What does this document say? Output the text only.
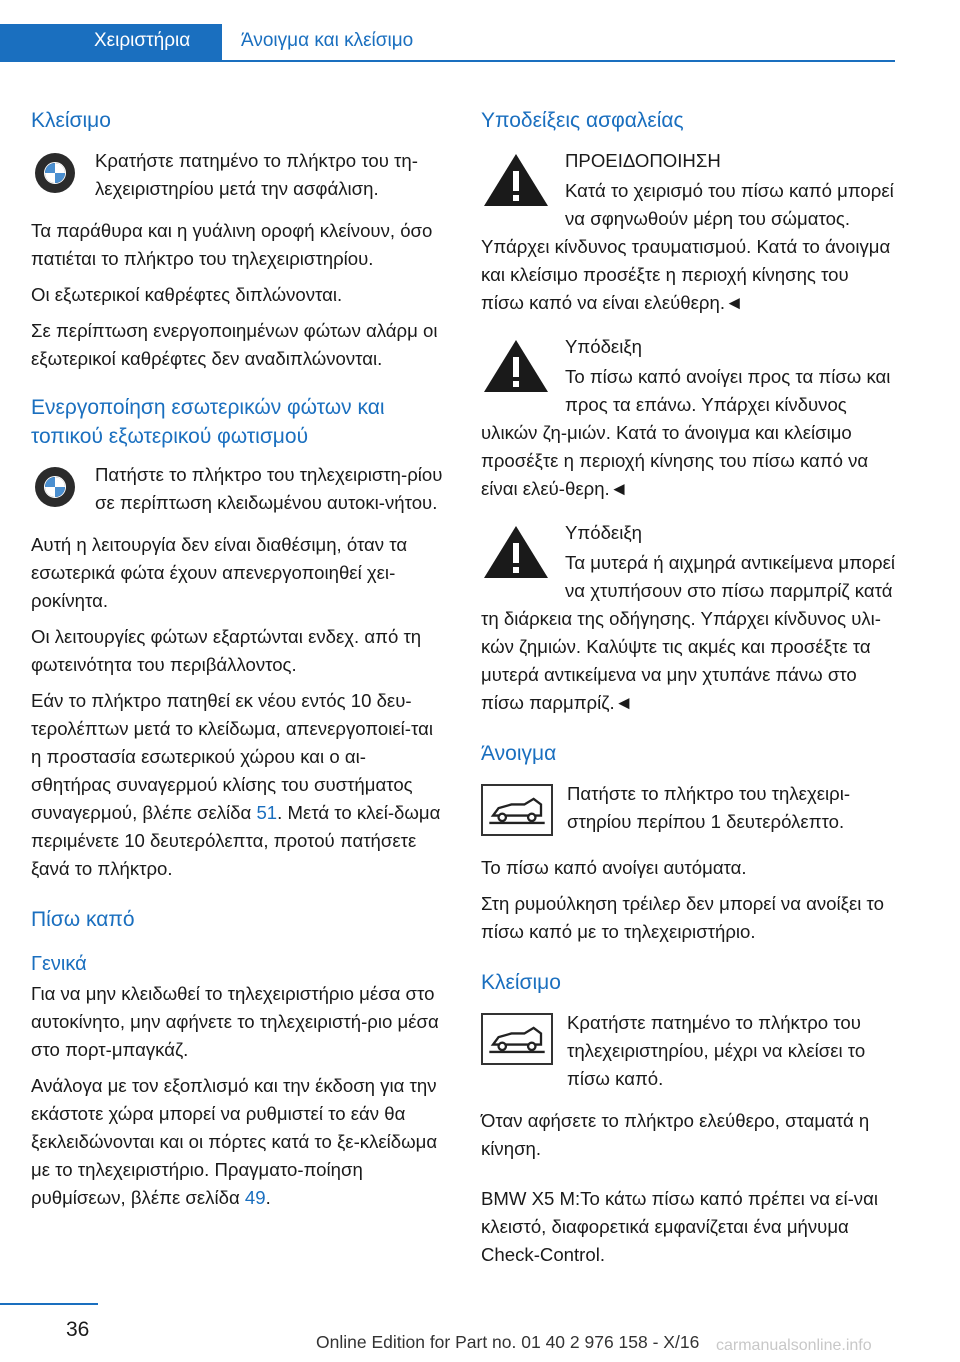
Χειριστήρια	Άνοιγμα και κλείσιμο
Κλείσιμο

Κρατήστε πατημένο το πλήκτρο του τη‐λεχειριστηρίου μετά την ασφάλιση.

Τα παράθυρα και η γυάλινη οροφή κλείνουν, όσο πατιέται το πλήκτρο του τηλεχειριστηρίου.

Οι εξωτερικοί καθρέφτες διπλώνονται.

Σε περίπτωση ενεργοποιημένων φώτων αλάρμ οι εξωτερικοί καθρέφτες δεν αναδιπλώνονται.

Ενεργοποίηση εσωτερικών φώτων και τοπικού εξωτερικού φωτισμού

Πατήστε το πλήκτρο του τηλεχειριστη‐ρίου σε περίπτωση κλειδωμένου αυτοκι‐νήτου.

Αυτή η λειτουργία δεν είναι διαθέσιμη, όταν τα εσωτερικά φώτα έχουν απενεργοποιηθεί χει‐ροκίνητα.

Οι λειτουργίες φώτων εξαρτώνται ενδεχ. από τη φωτεινότητα του περιβάλλοντος.

Εάν το πλήκτρο πατηθεί εκ νέου εντός 10 δευ‐τερολέπτων μετά το κλείδωμα, απενεργοποιεί‐ται η προστασία εσωτερικού χώρου και ο αι‐σθητήρας συναγερμού κλίσης του συστήματος συναγερμού, βλέπε σελίδα 51. Μετά το κλεί‐δωμα περιμένετε 10 δευτερόλεπτα, προτού πατήσετε ξανά το πλήκτρο.

Πίσω καπό
Γενικά

Για να μην κλειδωθεί το τηλεχειριστήριο μέσα στο αυτοκίνητο, μην αφήνετε το τηλεχειριστή‐ριο μέσα στο πορτ-μπαγκάζ.

Ανάλογα με τον εξοπλισμό και την έκδοση για την εκάστοτε χώρα μπορεί να ρυθμιστεί το εάν θα ξεκλειδώνονται και οι πόρτες κατά το ξε‐κλείδωμα με το τηλεχειριστήριο. Πραγματο‐ποίηση ρυθμίσεων, βλέπε σελίδα 49.

Υποδείξεις ασφαλείας

ΠΡΟΕΙΔΟΠΟΙΗΣΗ

Κατά το χειρισμό του πίσω καπό μπορεί να σφηνωθούν μέρη του σώματος. Υπάρχει κίνδυνος τραυματισμού. Κατά το άνοιγμα και κλείσιμο προσέξτε η περιοχή κίνησης του πίσω καπό να είναι ελεύθερη.◄

Υπόδειξη

Το πίσω καπό ανοίγει προς τα πίσω και προς τα επάνω. Υπάρχει κίνδυνος υλικών ζη‐μιών. Κατά το άνοιγμα και κλείσιμο προσέξτε η περιοχή κίνησης του πίσω καπό να είναι ελεύ‐θερη.◄

Υπόδειξη

Τα μυτερά ή αιχμηρά αντικείμενα μπορεί να χτυπήσουν στο πίσω παρμπρίζ κατά τη διάρκεια της οδήγησης. Υπάρχει κίνδυνος υλι‐κών ζημιών. Καλύψτε τις ακμές και προσέξτε τα μυτερά αντικείμενα να μην χτυπάνε πάνω στο πίσω παρμπρίζ.◄

Άνοιγμα

Πατήστε το πλήκτρο του τηλεχειρι‐στηρίου περίπου 1 δευτερόλεπτο.

Το πίσω καπό ανοίγει αυτόματα.

Στη ρυμούλκηση τρέιλερ δεν μπορεί να ανοίξει το πίσω καπό με το τηλεχειριστήριο.

Κλείσιμο

Κρατήστε πατημένο το πλήκτρο του τηλεχειριστηρίου, μέχρι να κλείσει το πίσω καπό.

Όταν αφήσετε το πλήκτρο ελεύθερο, σταματά η κίνηση.

BMW X5 M:Το κάτω πίσω καπό πρέπει να εί‐ναι κλειστό, διαφορετικά εμφανίζεται ένα μήνυμα Check-Control.

36
Online Edition for Part no. 01 40 2 976 158 - X/16 carmanualsonline.info
